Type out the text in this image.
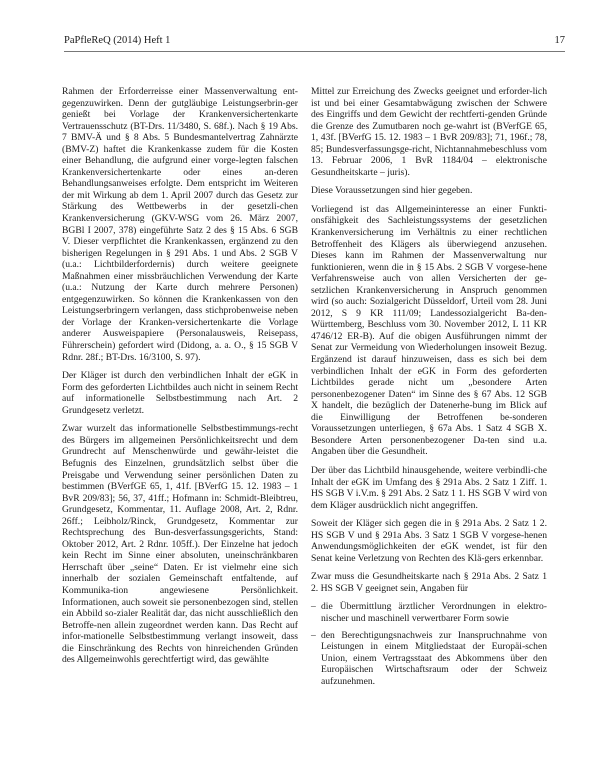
PaPfleReQ (2014) Heft 1	17

Rahmen der Erforderreisse einer Massenverwaltung ent-gegenzuwirken. Denn der gutgläubige Leistungserbrin-ger genießt bei Vorlage der Krankenversichertenkarte Vertrauensschutz (BT-Drs. 11/3480, S. 68f.). Nach § 19 Abs. 7 BMV-Ä und § 8 Abs. 5 Bundesmantelvertrag Zahnärzte (BMV-Z) haftet die Krankenkasse zudem für die Kosten einer Behandlung, die aufgrund einer vorge-legten falschen Krankenversichertenkarte oder eines an-deren Behandlungsanweises erfolgte. Dem entspricht im Weiteren der mit Wirkung ab dem 1. April 2007 durch das Gesetz zur Stärkung des Wettbewerbs in der gesetzli-chen Krankenversicherung (GKV-WSG vom 26. März 2007, BGBl I 2007, 378) eingeführte Satz 2 des § 15 Abs. 6 SGB V. Dieser verpflichtet die Krankenkassen, ergänzend zu den bisherigen Regelungen in § 291 Abs. 1 und Abs. 2 SGB V (u.a.: Lichtbilderfordernis) durch weitere geeignete Maßnahmen einer missbräuchlichen Verwendung der Karte (u.a.: Nutzung der Karte durch mehrere Personen) entgegenzuwirken. So können die Krankenkassen von den Leistungserbringern verlangen, dass stichprobenweise neben der Vorlage der Kranken-versichertenkarte die Vorlage anderer Ausweispapiere (Personalausweis, Reisepass, Führerschein) gefordert wird (Didong, a. a. O., § 15 SGB V Rdnr. 28f.; BT-Drs. 16/3100, S. 97).

Der Kläger ist durch den verbindlichen Inhalt der eGK in Form des geforderten Lichtbildes auch nicht in seinem Recht auf informationelle Selbstbestimmung nach Art. 2 Grundgesetz verletzt.

Zwar wurzelt das informationelle Selbstbestimmungs-recht des Bürgers im allgemeinen Persönlichkeitsrecht und dem Grundrecht auf Menschenwürde und gewähr-leistet die Befugnis des Einzelnen, grundsätzlich selbst über die Preisgabe und Verwendung seiner persönlichen Daten zu bestimmen (BVerfGE 65, 1, 41f. [BVerfG 15. 12. 1983 – 1 BvR 209/83]; 56, 37, 41ff.; Hofmann in: Schmidt-Bleibtreu, Grundgesetz, Kommentar, 11. Auflage 2008, Art. 2, Rdnr. 26ff.; Leibholz/Rinck, Grundgesetz, Kommentar zur Rechtsprechung des Bun-desverfassungsgerichts, Stand: Oktober 2012, Art. 2 Rdnr. 105ff.). Der Einzelne hat jedoch kein Recht im Sinne einer absoluten, uneinschränkbaren Herrschaft über „seine“ Daten. Er ist vielmehr eine sich innerhalb der sozialen Gemeinschaft entfaltende, auf Kommunika-tion angewiesene Persönlichkeit. Informationen, auch soweit sie personenbezogen sind, stellen ein Abbild so-zialer Realität dar, das nicht ausschließlich den Betroffe-nen allein zugeordnet werden kann. Das Recht auf infor-mationelle Selbstbestimmung verlangt insoweit, dass die Einschränkung des Rechts von hinreichenden Gründen des Allgemeinwohls gerechtfertigt wird, das gewählte

Mittel zur Erreichung des Zwecks geeignet und erforder-lich ist und bei einer Gesamtabwägung zwischen der Schwere des Eingriffs und dem Gewicht der rechtferti-genden Gründe die Grenze des Zumutbaren noch ge-wahrt ist (BVerfGE 65, 1, 43f. [BVerfG 15. 12. 1983 – 1 BvR 209/83]; 71, 196f.; 78, 85; Bundesverfassungsge-richt, Nichtannahmebeschluss vom 13. Februar 2006, 1 BvR 1184/04 – elektronische Gesundheitskarte – juris).

Diese Voraussetzungen sind hier gegeben.

Vorliegend ist das Allgemeininteresse an einer Funkti-onsfähigkeit des Sachleistungssystems der gesetzlichen Krankenversicherung im Verhältnis zu einer rechtlichen Betroffenheit des Klägers als überwiegend anzusehen. Dieses kann im Rahmen der Massenverwaltung nur funktionieren, wenn die in § 15 Abs. 2 SGB V vorgese-hene Verfahrensweise auch von allen Versicherten der ge-setzlichen Krankenversicherung in Anspruch genommen wird (so auch: Sozialgericht Düsseldorf, Urteil vom 28. Juni 2012, S 9 KR 111/09; Landessozialgericht Ba-den-Württemberg, Beschluss vom 30. November 2012, L 11 KR 4746/12 ER-B). Auf die obigen Ausführungen nimmt der Senat zur Vermeidung von Wiederholungen insoweit Bezug. Ergänzend ist darauf hinzuweisen, dass es sich bei dem verbindlichen Inhalt der eGK in Form des geforderten Lichtbildes gerade nicht um „besondere Arten personenbezogener Daten“ im Sinne des § 67 Abs. 12 SGB X handelt, die bezüglich der Datenerhe-bung im Blick auf die Einwilligung der Betroffenen be-sonderen Voraussetzungen unterliegen, § 67a Abs. 1 Satz 4 SGB X. Besondere Arten personenbezogener Da-ten sind u.a. Angaben über die Gesundheit.

Der über das Lichtbild hinausgehende, weitere verbindli-che Inhalt der eGK im Umfang des § 291a Abs. 2 Satz 1 Ziff. 1. HS SGB V i.V.m. § 291 Abs. 2 Satz 1 1. HS SGB V wird von dem Kläger ausdrücklich nicht angegriffen.

Soweit der Kläger sich gegen die in § 291a Abs. 2 Satz 1 2. HS SGB V und § 291a Abs. 3 Satz 1 SGB V vorgese-henen Anwendungsmöglichkeiten der eGK wendet, ist für den Senat keine Verletzung von Rechten des Klä-gers erkennbar.

Zwar muss die Gesundheitskarte nach § 291a Abs. 2 Satz 1 2. HS SGB V geeignet sein, Angaben für

– die Übermittlung ärztlicher Verordnungen in elektro-nischer und maschinell verwertbarer Form sowie
– den Berechtigungsnachweis zur Inanspruchnahme von Leistungen in einem Mitgliedstaat der Europäi-schen Union, einem Vertragsstaat des Abkommens über den Europäischen Wirtschaftsraum oder der Schweiz aufzunehmen.
